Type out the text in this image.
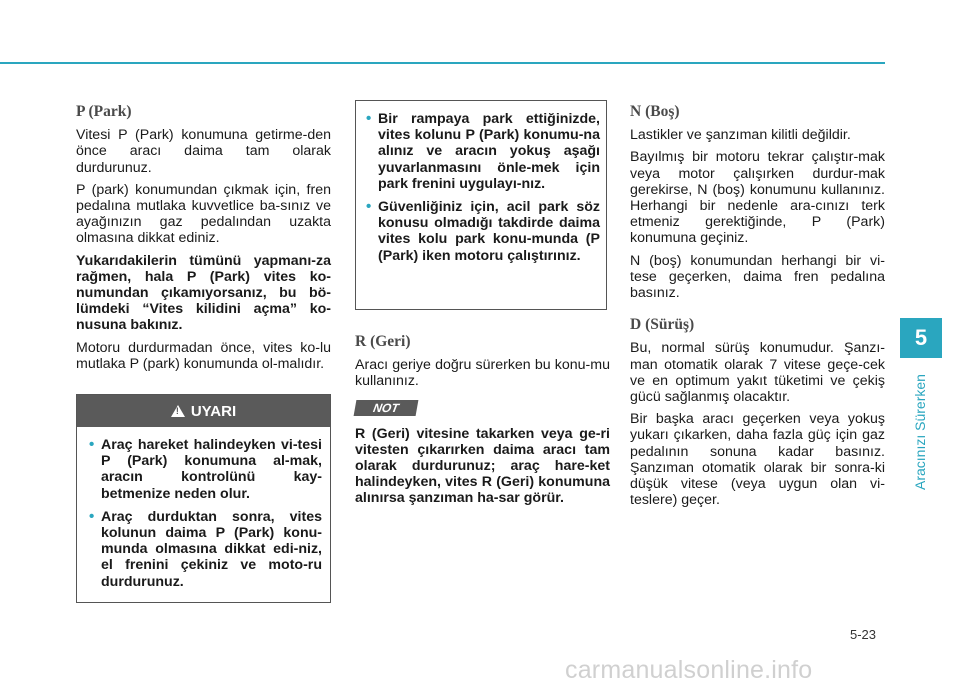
P (Park)

Vitesi P (Park) konumuna getirme-den önce aracı daima tam olarak durdurunuz.

P (park) konumundan çıkmak için, fren pedalına mutlaka kuvvetlice ba-sınız ve ayağınızın gaz pedalından uzakta olmasına dikkat ediniz.

Yukarıdakilerin tümünü yapmanı-za rağmen, hala P (Park) vites ko-numundan çıkamıyorsanız, bu bö-lümdeki “Vites kilidini açma” ko-nusuna bakınız.

Motoru durdurmadan önce, vites ko-lu mutlaka P (park) konumunda ol-malıdır.

!
UYARI
• Araç hareket halindeyken vi-tesi P (Park) konumuna al-mak, aracın kontrolünü kay-betmenize neden olur.
• Araç durduktan sonra, vites kolunun daima P (Park) konu-munda olmasına dikkat edi-niz, el frenini çekiniz ve moto-ru durdurunuz.
• Bir rampaya park ettiğinizde, vites kolunu P (Park) konumu-na alınız ve aracın yokuş aşağı yuvarlanmasını önle-mek için park frenini uygulayı-nız.
• Güvenliğiniz için, acil park söz konusu olmadığı takdirde daima vites kolu park konu-munda (P (Park) iken motoru çalıştırınız.
R (Geri)

Aracı geriye doğru sürerken bu konu-mu kullanınız.

NOT

R (Geri) vitesine takarken veya ge-ri vitesten çıkarırken daima aracı tam olarak durdurunuz; araç hare-ket halindeyken, vites R (Geri) konumuna alınırsa şanzıman ha-sar görür.

N (Boş)

Lastikler ve şanzıman kilitli değildir.

Bayılmış bir motoru tekrar çalıştır-mak veya motor çalışırken durdur-mak gerekirse, N (boş) konumunu kullanınız. Herhangi bir nedenle ara-cınızı terk etmeniz gerektiğinde, P (Park) konumuna geçiniz.

N (boş) konumundan herhangi bir vi-tese geçerken, daima fren pedalına basınız.

D (Sürüş)

Bu, normal sürüş konumudur. Şanzı-man otomatik olarak 7 vitese geçe-cek ve en optimum yakıt tüketimi ve çekiş gücü sağlanmış olacaktır.

Bir başka aracı geçerken veya yokuş yukarı çıkarken, daha fazla güç için gaz pedalının sonuna kadar basınız. Şanzıman otomatik olarak bir sonra-ki düşük vitese (veya uygun olan vi-teslere) geçer.

5
Aracınızı Sürerken
5-23
carmanualsonline.info
